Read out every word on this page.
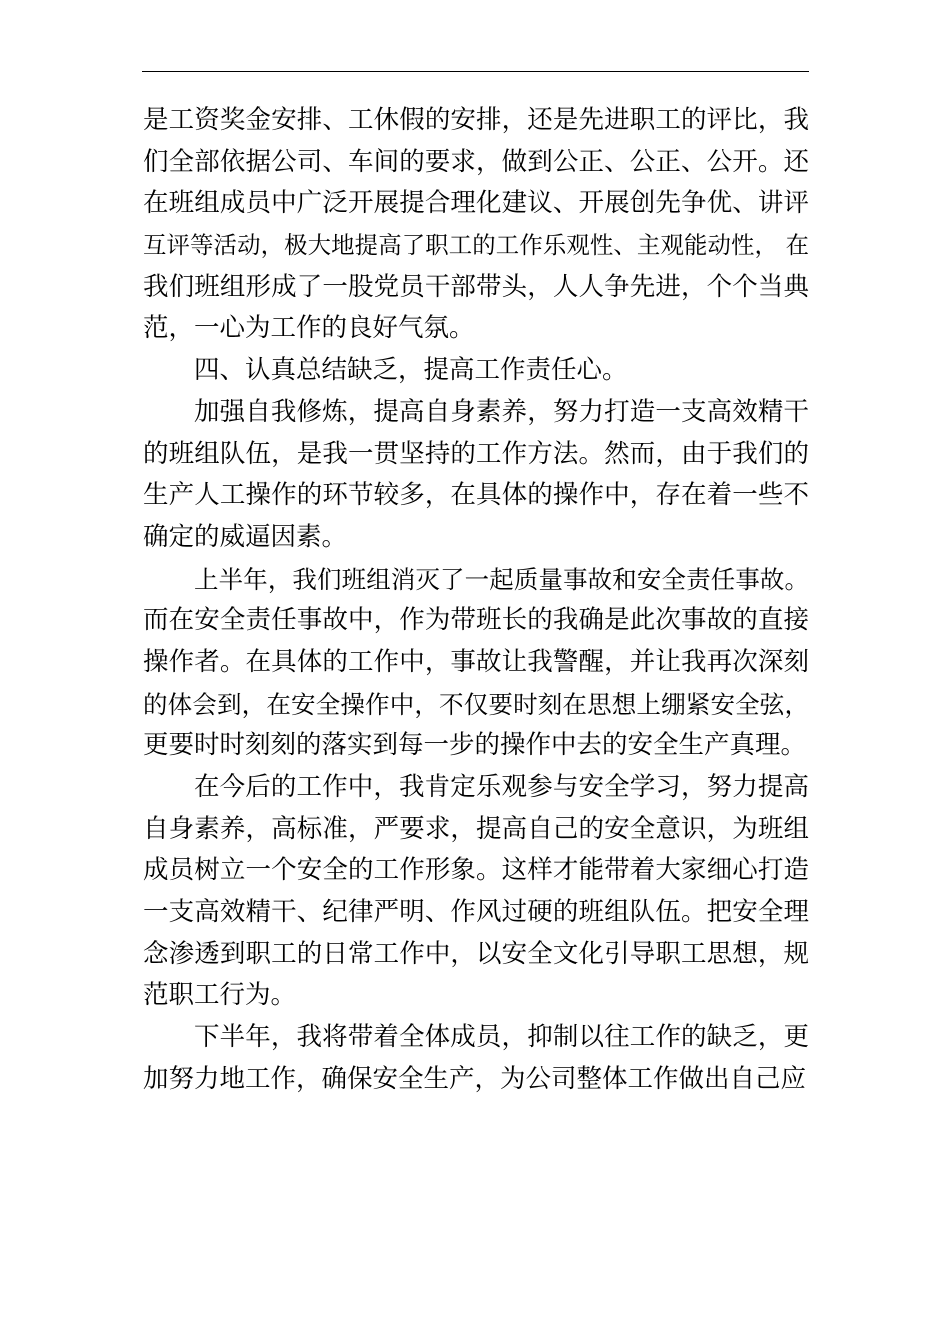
是工资奖金安排、工休假的安排，还是先进职工的评比，我
们全部依据公司、车间的要求，做到公正、公正、公开。还
在班组成员中广泛开展提合理化建议、开展创先争优、讲评
互评等活动，极大地提高了职工的工作乐观性、主观能动性， 在
我们班组形成了一股党员干部带头，人人争先进，个个当典
范，一心为工作的良好气氛。
四、认真总结缺乏，提高工作责任心。
加强自我修炼，提高自身素养，努力打造一支高效精干
的班组队伍，是我一贯坚持的工作方法。然而，由于我们的
生产人工操作的环节较多，在具体的操作中，存在着一些不
确定的威逼因素。
上半年，我们班组消灭了一起质量事故和安全责任事故。
而在安全责任事故中，作为带班长的我确是此次事故的直接
操作者。在具体的工作中，事故让我警醒，并让我再次深刻
的体会到，在安全操作中，不仅要时刻在思想上绷紧安全弦，
更要时时刻刻的落实到每一步的操作中去的安全生产真理。
在今后的工作中，我肯定乐观参与安全学习，努力提高
自身素养，高标准，严要求，提高自己的安全意识，为班组
成员树立一个安全的工作形象。这样才能带着大家细心打造
一支高效精干、纪律严明、作风过硬的班组队伍。把安全理
念渗透到职工的日常工作中，以安全文化引导职工思想，规
范职工行为。
下半年，我将带着全体成员，抑制以往工作的缺乏，更
加努力地工作，确保安全生产，为公司整体工作做出自己应
